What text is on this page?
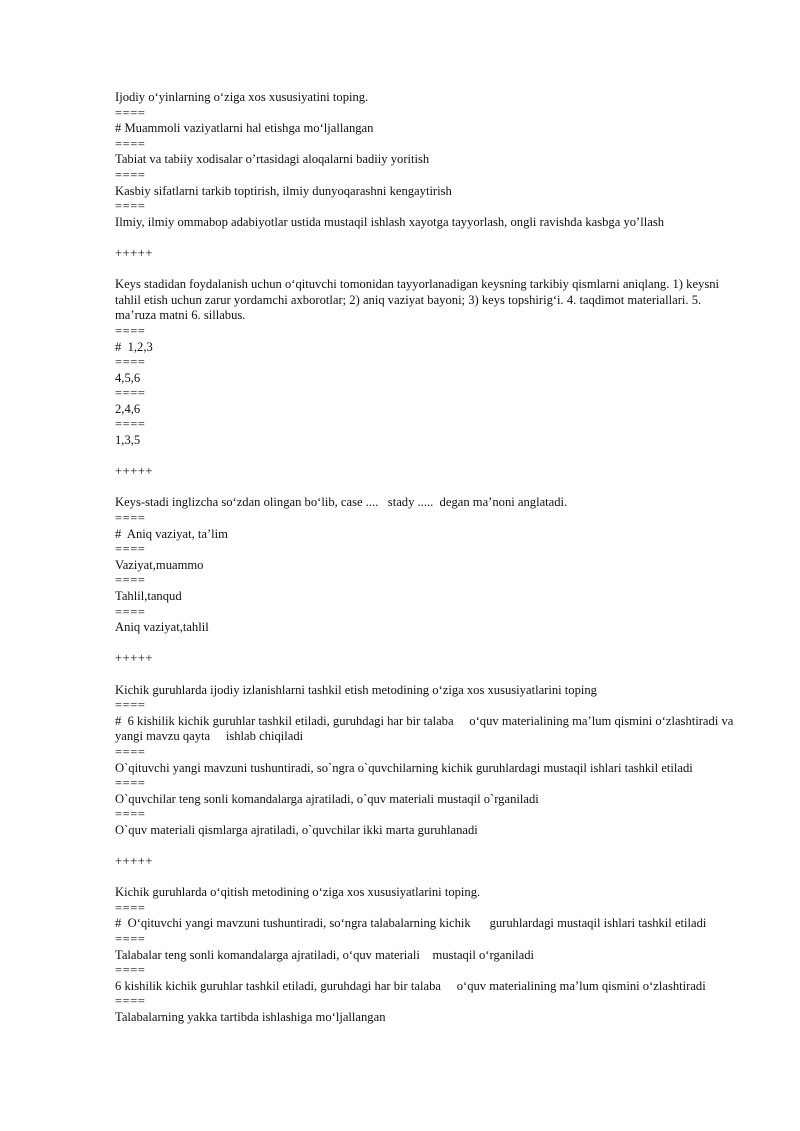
Ijodiy o‘yinlarning o‘ziga xos xususiyatini toping.

====

# Muammoli vaziyatlarni hal etishga mo‘ljallangan

====

Tabiat va tabiiy xodisalar o’rtasidagi aloqalarni badiiy yoritish

====

Kasbiy sifatlarni tarkib toptirish, ilmiy dunyoqarashni kengaytirish

====

Ilmiy, ilmiy ommabop adabiyotlar ustida mustaqil ishlash xayotga tayyorlash, ongli ravishda kasbga yo’llash

+++++

Keys stadidan foydalanish uchun o‘qituvchi tomonidan tayyorlanadigan keysning tarkibiy qismlarni aniqlang. 1) keysni tahlil etish uchun zarur yordamchi axborotlar; 2) aniq vaziyat bayoni; 3) keys topshirig‘i. 4. taqdimot materiallari. 5. ma’ruza matni 6. sillabus.

====

#  1,2,3

====

4,5,6

====

2,4,6

====

1,3,5

+++++

Keys-stadi inglizcha so‘zdan olingan bo‘lib, case ....   stady .....  degan ma’noni anglatadi.

====

#  Aniq vaziyat, ta’lim

====

Vaziyat,muammo

====

Tahlil,tanqud

====

Aniq vaziyat,tahlil

+++++

Kichik guruhlarda ijodiy izlanishlarni tashkil etish metodining o‘ziga xos xususiyatlarini toping

====

#  6 kishilik kichik guruhlar tashkil etiladi, guruhdagi har bir talaba     o‘quv materialining ma’lum qismini o‘zlashtiradi va yangi mavzu qayta     ishlab chiqiladi

====

O`qituvchi yangi mavzuni tushuntiradi, so`ngra o`quvchilarning kichik guruhlardagi mustaqil ishlari tashkil etiladi

====

O`quvchilar teng sonli komandalarga ajratiladi, o`quv materiali mustaqil o`rganiladi

====

O`quv materiali qismlarga ajratiladi, o`quvchilar ikki marta guruhlanadi

+++++

Kichik guruhlarda o‘qitish metodining o‘ziga xos xususiyatlarini toping.

====

#  O‘qituvchi yangi mavzuni tushuntiradi, so‘ngra talabalarning kichik      guruhlardagi mustaqil ishlari tashkil etiladi

====

Talabalar teng sonli komandalarga ajratiladi, o‘quv materiali    mustaqil o‘rganiladi

====

6 kishilik kichik guruhlar tashkil etiladi, guruhdagi har bir talaba     o‘quv materialining ma’lum qismini o‘zlashtiradi

====

Talabalarning yakka tartibda ishlashiga mo‘ljallangan
